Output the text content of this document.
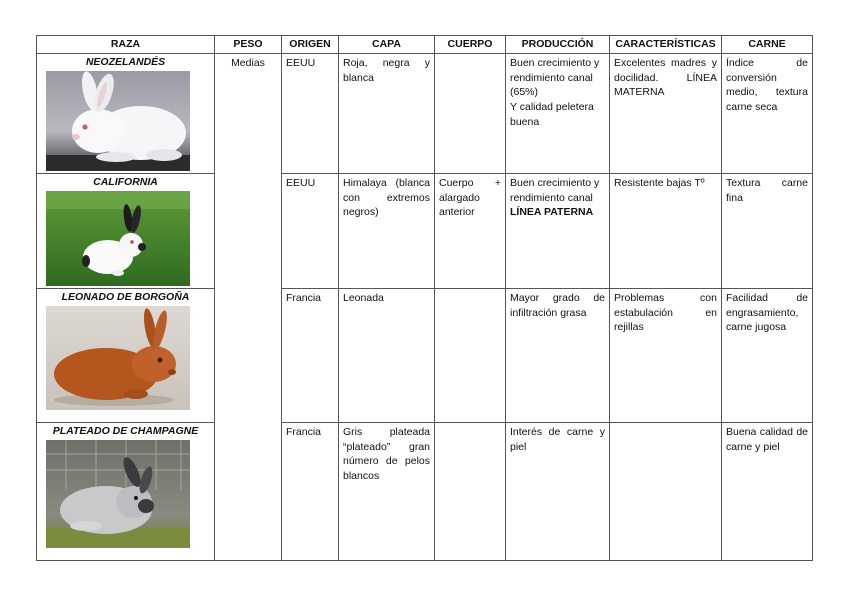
RAZA	PESO	ORIGEN	CAPA	CUERPO	PRODUCCIÓN	CARACTERÍSTICAS	CARNE

NEOZELANDÉS	Medias	EEUU	Roja, negra y blanca		Buen crecimiento y rendimiento canal (65%)
Y calidad peletera buena	Excelentes madres y docilidad. LÍNEA MATERNA	Índice de conversión medio, textura carne seca

CALIFORNIA		EEUU	Himalaya (blanca con extremos negros)	Cuerpo + alargado anterior	Buen crecimiento y rendimiento canal
LÍNEA PATERNA	Resistente bajas Tº	Textura carne fina

LEONADO DE BORGOÑA		Francia	Leonada		Mayor grado de infiltración grasa	Problemas con estabulación en rejillas	Facilidad de engrasamiento, carne jugosa

PLATEADO DE CHAMPAGNE		Francia	Gris plateada “plateado” gran número de pelos blancos		Interés de carne y piel		Buena calidad de carne y piel
